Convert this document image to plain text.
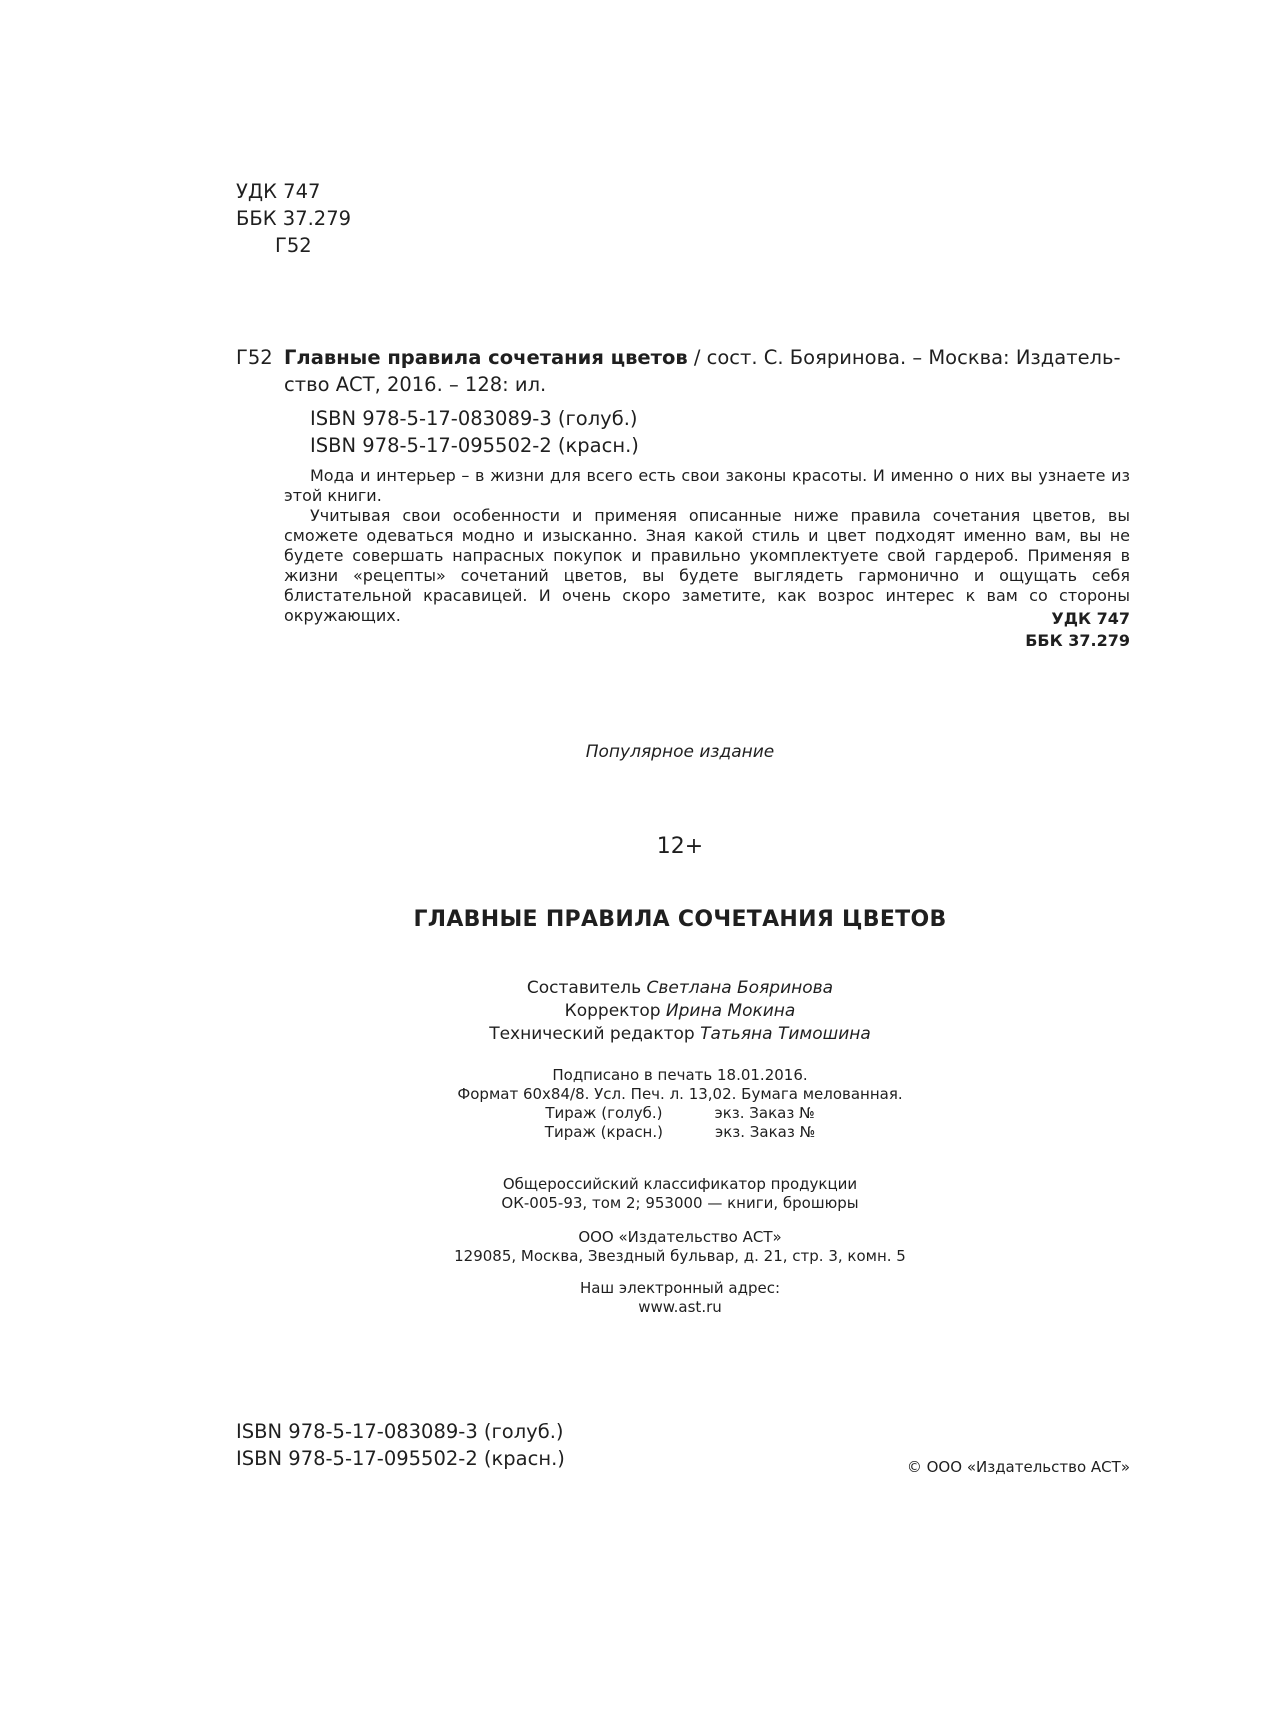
УДК 747
ББК 37.279
Г52
Г52 Главные правила сочетания цветов / сост. С. Бояринова. – Москва: Издатель-
ство АСТ, 2016. – 128: ил.
ISBN 978-5-17-083089-3 (голуб.)
ISBN 978-5-17-095502-2 (красн.)
Мода и интерьер – в жизни для всего есть свои законы красоты. И именно о них вы узнаете из этой книги.
Учитывая свои особенности и применяя описанные ниже правила сочетания цветов, вы сможете одеваться модно и изысканно. Зная какой стиль и цвет подходят именно вам, вы не будете совершать напрасных покупок и правильно укомплектуете свой гардероб. Применяя в жизни «рецепты» сочетаний цветов, вы будете выглядеть гармонично и ощущать себя блистательной красавицей. И очень скоро заметите, как возрос интерес к вам со стороны окружающих.	УДК 747
ББК 37.279
Популярное издание
12+
ГЛАВНЫЕ ПРАВИЛА СОЧЕТАНИЯ ЦВЕТОВ
Составитель Светлана Бояринова
Корректор Ирина Мокина
Технический редактор Татьяна Тимошина
Подписано в печать 18.01.2016.
Формат 60х84/8. Усл. Печ. л. 13,02. Бумага мелованная.
Тираж (голуб.)	экз. Заказ №
Тираж (красн.)	экз. Заказ №
Общероссийский классификатор продукции
ОК-005-93, том 2; 953000 — книги, брошюры
ООО «Издательство АСТ»
129085, Москва, Звездный бульвар, д. 21, стр. 3, комн. 5
Наш электронный адрес:
www.ast.ru
ISBN 978-5-17-083089-3 (голуб.)
ISBN 978-5-17-095502-2 (красн.)	© ООО «Издательство АСТ»
